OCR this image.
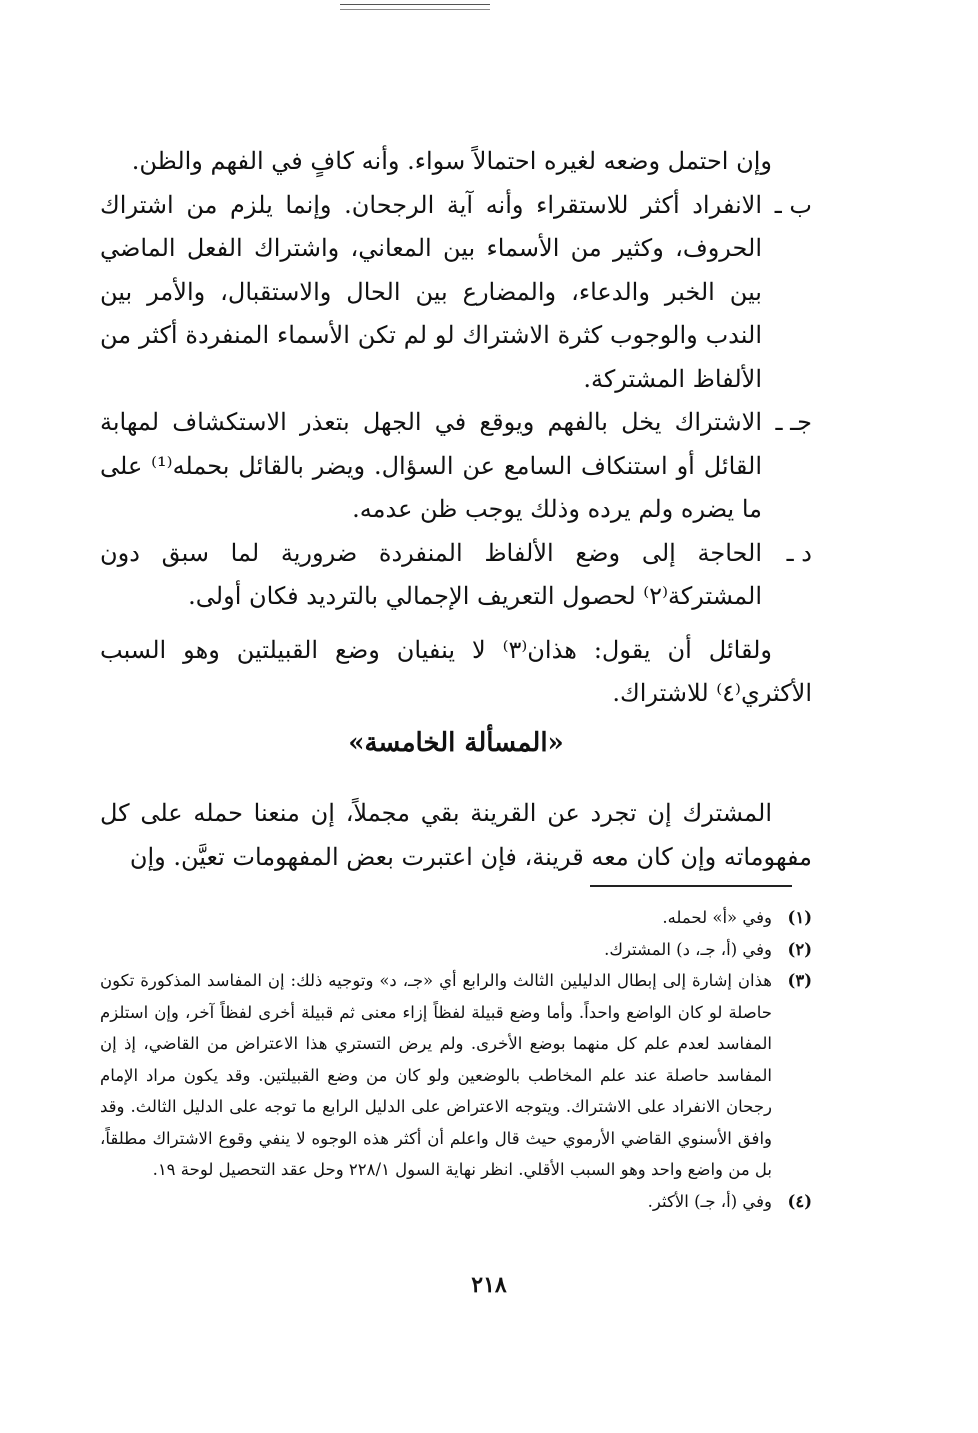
وإن احتمل وضعه لغيره احتمالاً سواء. وأنه كافٍ في الفهم والظن.

ب ـ

الانفراد أكثر للاستقراء وأنه آية الرجحان. وإنما يلزم من اشتراك الحروف، وكثير من الأسماء بين المعاني، واشتراك الفعل الماضي بين الخبر والدعاء، والمضارع بين الحال والاستقبال، والأمر بين الندب والوجوب كثرة الاشتراك لو لم تكن الأسماء المنفردة أكثر من الألفاظ المشتركة.

جـ ـ

الاشتراك يخل بالفهم ويوقع في الجهل بتعذر الاستكشاف لمهابة القائل أو استنكاف السامع عن السؤال. ويضر بالقائل بحمله⁽¹⁾ على ما يضره ولم يرده وذلك يوجب ظن عدمه.

د ـ

الحاجة إلى وضع الألفاظ المنفردة ضرورية لما سبق دون المشتركة⁽٢⁾ لحصول التعريف الإجمالي بالترديد فكان أولى.

ولقائل أن يقول: هذان⁽٣⁾ لا ينفيان وضع القبيلتين وهو السبب الأكثري⁽٤⁾ للاشتراك.

«المسألة الخامسة»

المشترك إن تجرد عن القرينة بقي مجملاً، إن منعنا حمله على كل مفهوماته وإن كان معه قرينة، فإن اعتبرت بعض المفهومات تعيَّن. وإن

(١)
وفي «أ» لحمله.
(٢)
وفي (أ، جـ، د) المشترك.
(٣)
هذان إشارة إلى إبطال الدليلين الثالث والرابع أي «جـ، د» وتوجيه ذلك: إن المفاسد المذكورة تكون حاصلة لو كان الواضع واحداً. وأما وضع قبيلة لفظاً إزاء معنى ثم قبيلة أخرى لفظاً آخر، وإن استلزم المفاسد لعدم علم كل منهما بوضع الأخرى. ولم يرض التستري هذا الاعتراض من القاضي، إذ إن المفاسد حاصلة عند علم المخاطب بالوضعين ولو كان من وضع القبيلتين. وقد يكون مراد الإمام رجحان الانفراد على الاشتراك. ويتوجه الاعتراض على الدليل الرابع ما توجه على الدليل الثالث. وقد وافق الأسنوي القاضي الأرموي حيث قال واعلم أن أكثر هذه الوجوه لا ينفي وقوع الاشتراك مطلقاً، بل من واضع واحد وهو السبب الأقلي. انظر نهاية السول ٢٢٨/١ وحل عقد التحصيل لوحة ١٩.
(٤)
وفي (أ، جـ) الأكثر.
٢١٨
